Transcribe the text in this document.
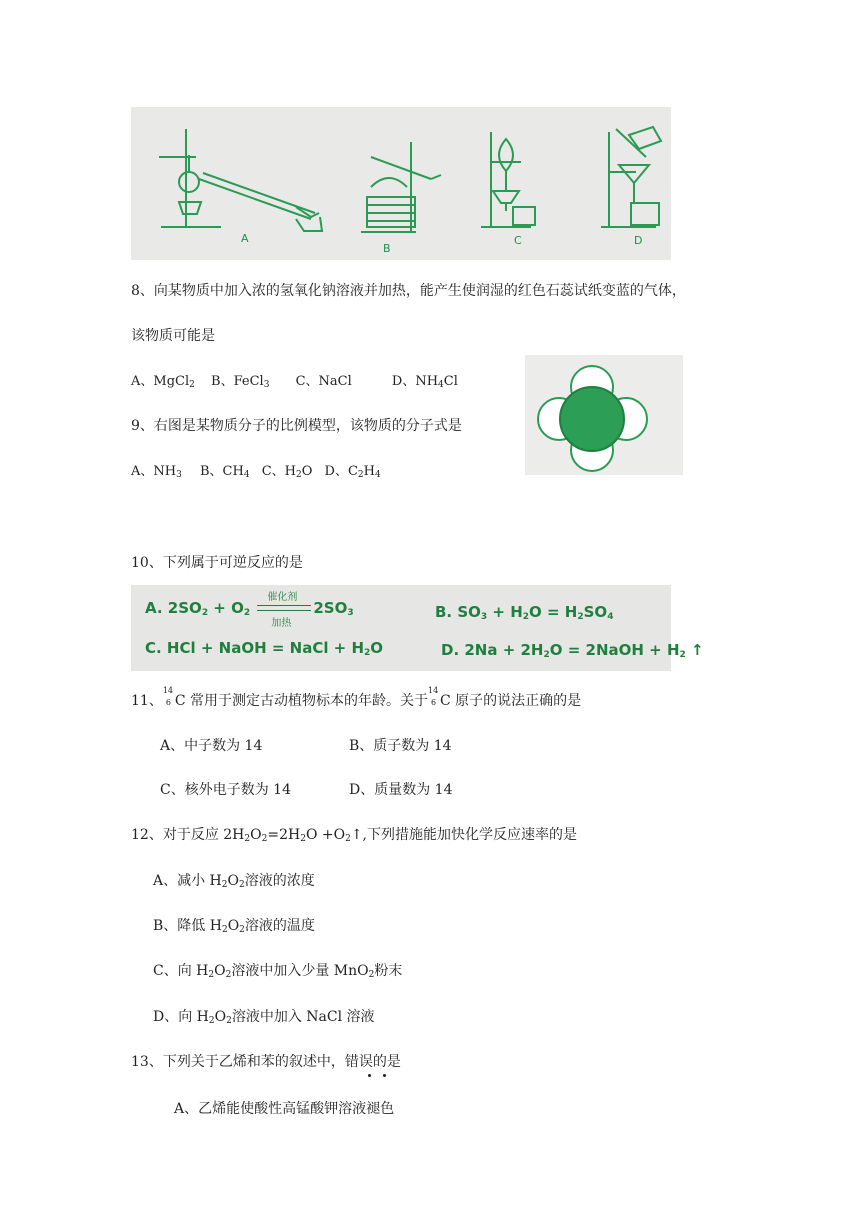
A
B
C	D
8、向某物质中加入浓的氢氧化钠溶液并加热，能产生使润湿的红色石蕊试纸变蓝的气体，
该物质可能是
A、MgCl$_2$ B、FeCl$_3$ C、NaCl	D、$NH_4Cl$
9、右图是某物质分子的比例模型，该物质的分子式是
A、$NH_3$ B、$CH_4$ C、$H_2O$ D、$C_2H_4$
10、下列属于可逆反应的是
A. $2SO_2 + O_2$
催化剂
加热
$2SO_3$	B. $SO_3 + H_2O = H_2SO_4$
C. HCl + NaOH = NaCl + $H_2O$	D. $2Na + 2H_2O$ = 2NaOH + $H_2$ ↑
11、
14
6 C 常用于测定古动植物标本的年龄。关于
14
6 C 原子的说法正确的是
A、中子数为 14	B、质子数为 14
C、核外电子数为 14	D、质量数为 14
12、对于反应 $2H_2O_2=2H_2O$ $+O_2↑$,下列措施能加快化学反应速率的是
A、减小 $H_2O_2$溶液的浓度
B、降低 $H_2O_2$溶液的温度
C、向 $H_2O_2$溶液中加入少量 MnO$_2$粉末
D、向 $H_2O_2$溶液中加入 NaCl 溶液
13、下列关于乙烯和苯的叙述中，错误的是
A、乙烯能使酸性高锰酸钾溶液褪色
